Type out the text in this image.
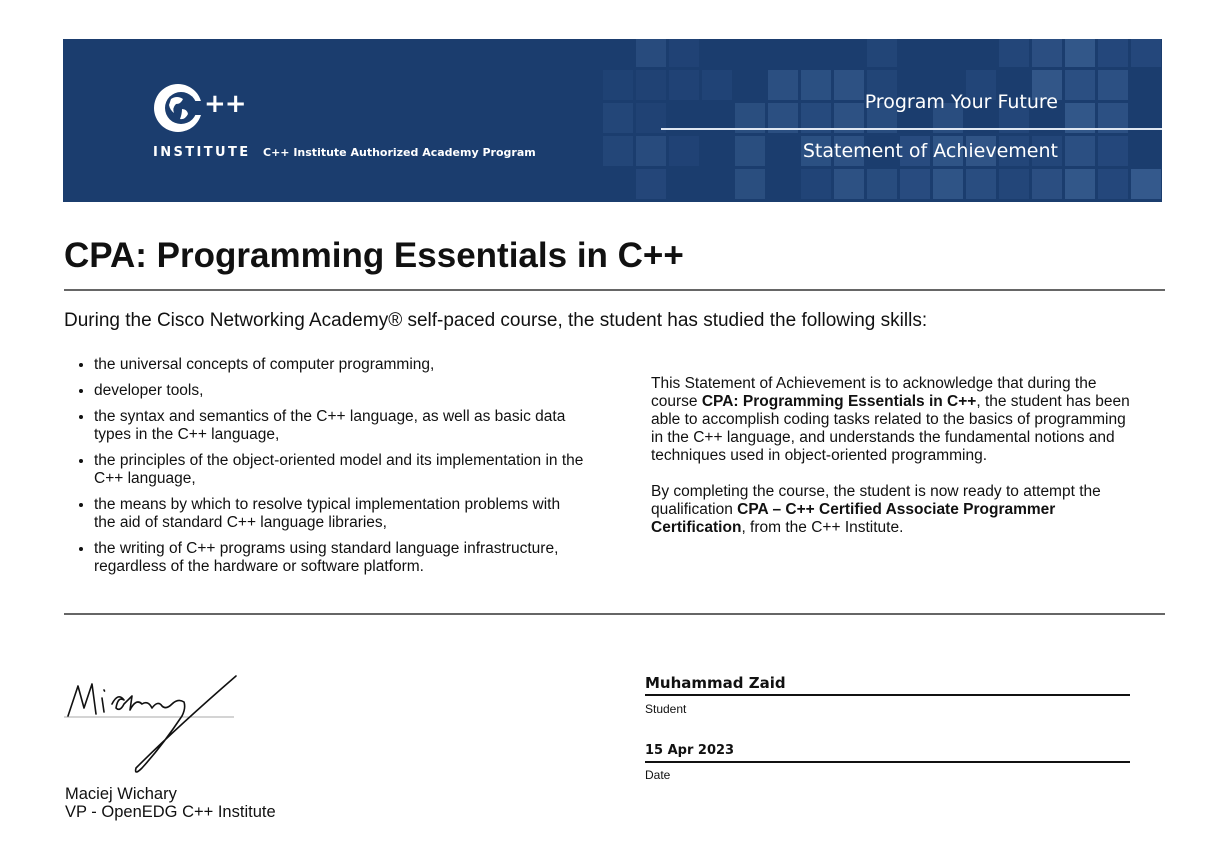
++
INSTITUTE C++ Institute Authorized Academy Program
Program Your Future
Statement of Achievement
CPA: Programming Essentials in C++
During the Cisco Networking Academy® self-paced course, the student has studied the following skills:
• the universal concepts of computer programming,
• developer tools,
• the syntax and semantics of the C++ language, as well as basic data types in the C++ language,
• the principles of the object-oriented model and its implementation in the C++ language,
• the means by which to resolve typical implementation problems with the aid of standard C++ language libraries,
• the writing of C++ programs using standard language infrastructure, regardless of the hardware or software platform.

This Statement of Achievement is to acknowledge that during the course CPA: Programming Essentials in C++, the student has been able to accomplish coding tasks related to the basics of programming in the C++ language, and understands the fundamental notions and techniques used in object-oriented programming.

By completing the course, the student is now ready to attempt the qualification CPA – C++ Certified Associate Programmer Certification, from the C++ Institute.

Maciej Wichary
VP - OpenEDG C++ Institute
Muhammad Zaid
Student
15 Apr 2023
Date
